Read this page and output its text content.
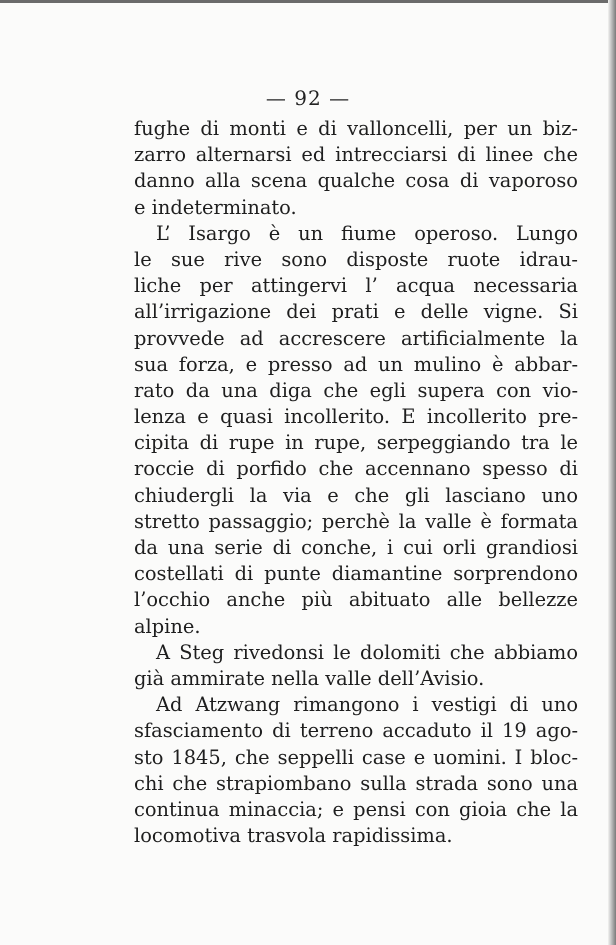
— 92 —
fughe di monti e di valloncelli, per un biz-
zarro alternarsi ed intrecciarsi di linee che
danno alla scena qualche cosa di vaporoso
e indeterminato.
L’ Isargo è un fiume operoso. Lungo
le sue rive sono disposte ruote idrau-
liche per attingervi l’ acqua necessaria
all’irrigazione dei prati e delle vigne. Si
provvede ad accrescere artificialmente la
sua forza, e presso ad un mulino è abbar-
rato da una diga che egli supera con vio-
lenza e quasi incollerito. E incollerito pre-
cipita di rupe in rupe, serpeggiando tra le
roccie di porfido che accennano spesso di
chiudergli la via e che gli lasciano uno
stretto passaggio; perchè la valle è formata
da una serie di conche, i cui orli grandiosi
costellati di punte diamantine sorprendono
l’occhio anche più abituato alle bellezze
alpine.
A Steg rivedonsi le dolomiti che abbiamo
già ammirate nella valle dell’Avisio.
Ad Atzwang rimangono i vestigi di uno
sfasciamento di terreno accaduto il 19 ago-
sto 1845, che seppelli case e uomini. I bloc-
chi che strapiombano sulla strada sono una
continua minaccia; e pensi con gioia che la
locomotiva trasvola rapidissima.
